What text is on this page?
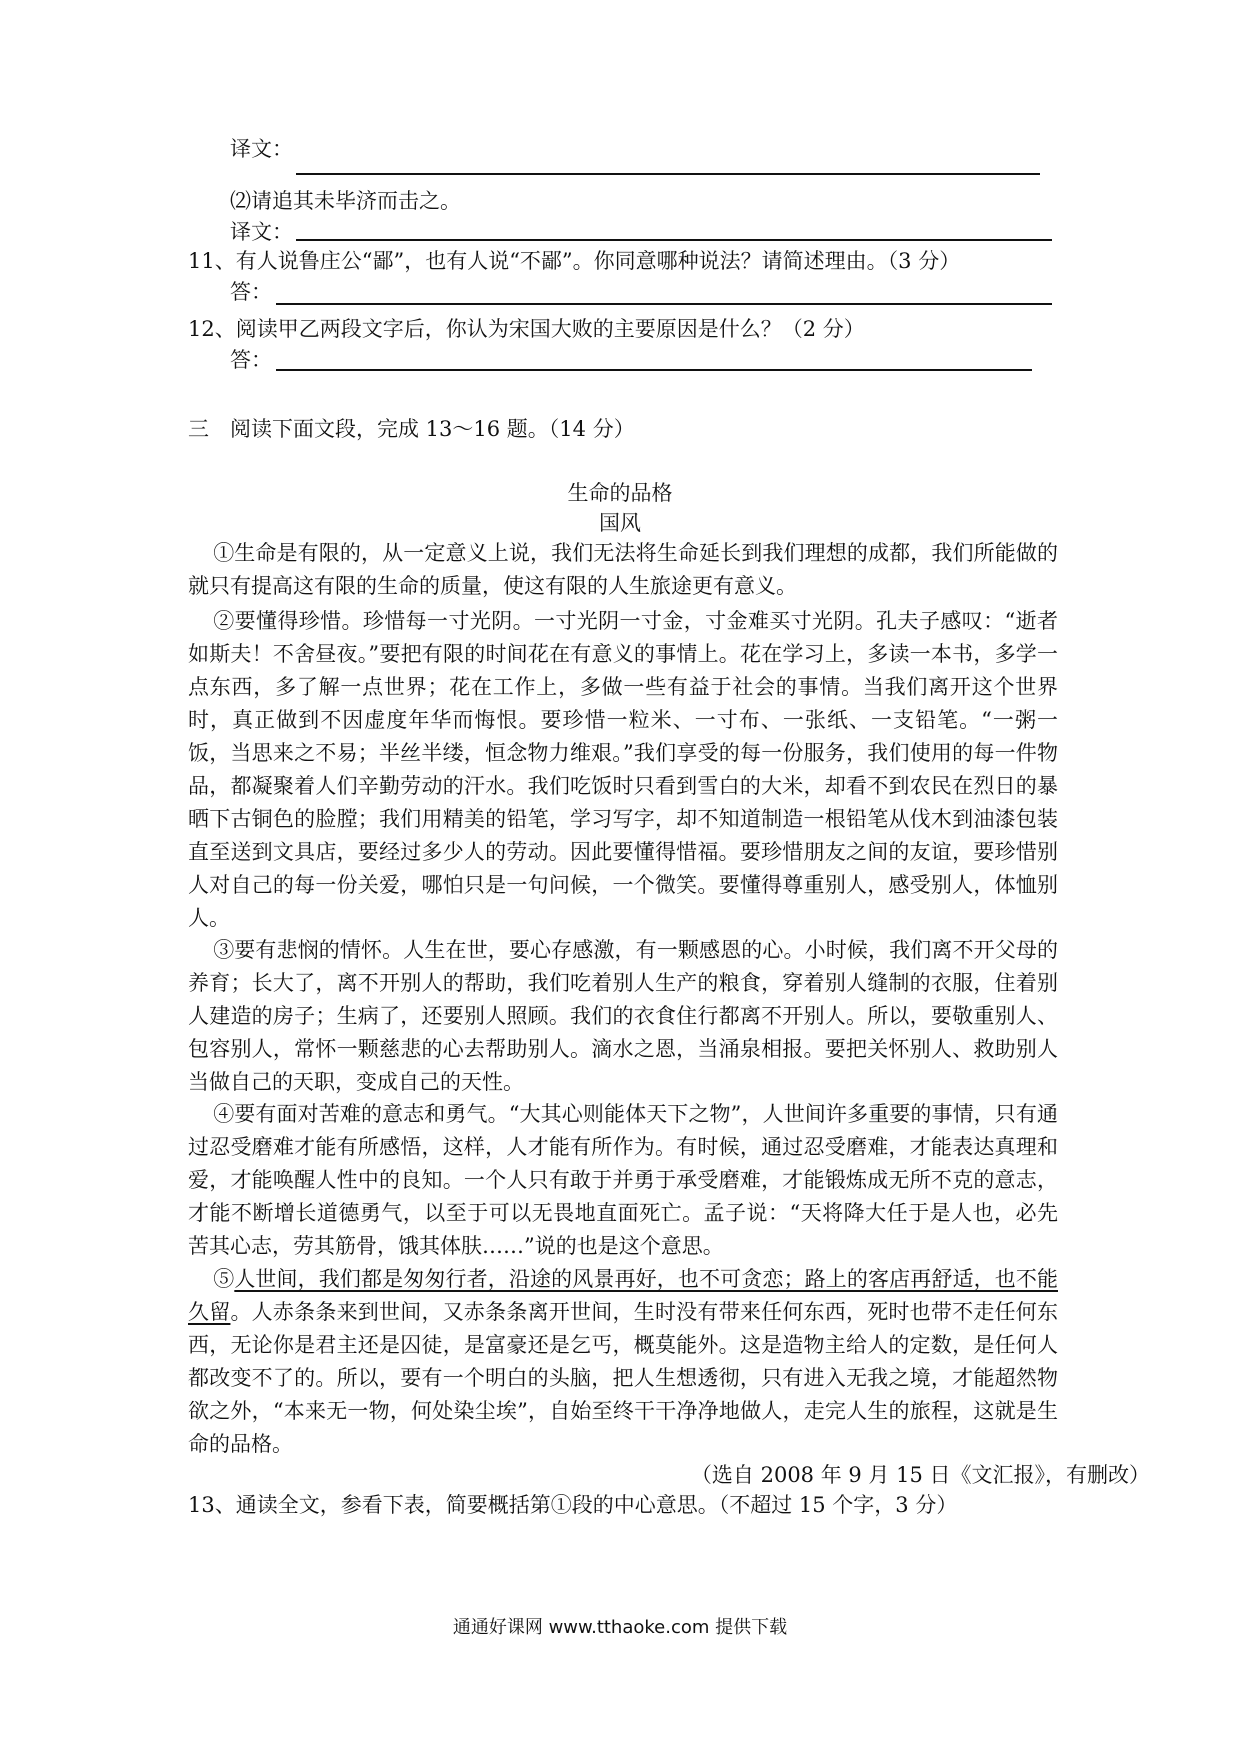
译文：
⑵请追其未毕济而击之。
译文：
11、有人说鲁庄公“鄙”，也有人说“不鄙”。你同意哪种说法？请简述理由。（3 分）
答：
12、阅读甲乙两段文字后，你认为宋国大败的主要原因是什么？（2 分）
答：
三　阅读下面文段，完成 13～16 题。（14 分）
生命的品格
国风

①生命是有限的，从一定意义上说，我们无法将生命延长到我们理想的成都，我们所能做的就只有提高这有限的生命的质量，使这有限的人生旅途更有意义。

②要懂得珍惜。珍惜每一寸光阴。一寸光阴一寸金，寸金难买寸光阴。孔夫子感叹：“逝者如斯夫！不舍昼夜。”要把有限的时间花在有意义的事情上。花在学习上，多读一本书，多学一点东西，多了解一点世界；花在工作上，多做一些有益于社会的事情。当我们离开这个世界时，真正做到不因虚度年华而悔恨。要珍惜一粒米、一寸布、一张纸、一支铅笔。“一粥一饭，当思来之不易；半丝半缕，恒念物力维艰。”我们享受的每一份服务，我们使用的每一件物品，都凝聚着人们辛勤劳动的汗水。我们吃饭时只看到雪白的大米，却看不到农民在烈日的暴晒下古铜色的脸膛；我们用精美的铅笔，学习写字，却不知道制造一根铅笔从伐木到油漆包装直至送到文具店，要经过多少人的劳动。因此要懂得惜福。要珍惜朋友之间的友谊，要珍惜别人对自己的每一份关爱，哪怕只是一句问候，一个微笑。要懂得尊重别人，感受别人，体恤别人。

③要有悲悯的情怀。人生在世，要心存感激，有一颗感恩的心。小时候，我们离不开父母的养育；长大了，离不开别人的帮助，我们吃着别人生产的粮食，穿着别人缝制的衣服，住着别人建造的房子；生病了，还要别人照顾。我们的衣食住行都离不开别人。所以，要敬重别人、包容别人，常怀一颗慈悲的心去帮助别人。滴水之恩，当涌泉相报。要把关怀别人、救助别人当做自己的天职，变成自己的天性。

④要有面对苦难的意志和勇气。“大其心则能体天下之物”，人世间许多重要的事情，只有通过忍受磨难才能有所感悟，这样，人才能有所作为。有时候，通过忍受磨难，才能表达真理和爱，才能唤醒人性中的良知。一个人只有敢于并勇于承受磨难，才能锻炼成无所不克的意志，才能不断增长道德勇气，以至于可以无畏地直面死亡。孟子说：“天将降大任于是人也，必先苦其心志，劳其筋骨，饿其体肤……”说的也是这个意思。

⑤人世间，我们都是匆匆行者，沿途的风景再好，也不可贪恋；路上的客店再舒适，也不能久留。人赤条条来到世间，又赤条条离开世间，生时没有带来任何东西，死时也带不走任何东西，无论你是君主还是囚徒，是富豪还是乞丐，概莫能外。这是造物主给人的定数，是任何人都改变不了的。所以，要有一个明白的头脑，把人生想透彻，只有进入无我之境，才能超然物欲之外，“本来无一物，何处染尘埃”，自始至终干干净净地做人，走完人生的旅程，这就是生命的品格。

（选自 2008 年 9 月 15 日《文汇报》，有删改）
13、通读全文，参看下表，简要概括第①段的中心意思。（不超过 15 个字，3 分）
通通好课网 www.tthaoke.com 提供下载
